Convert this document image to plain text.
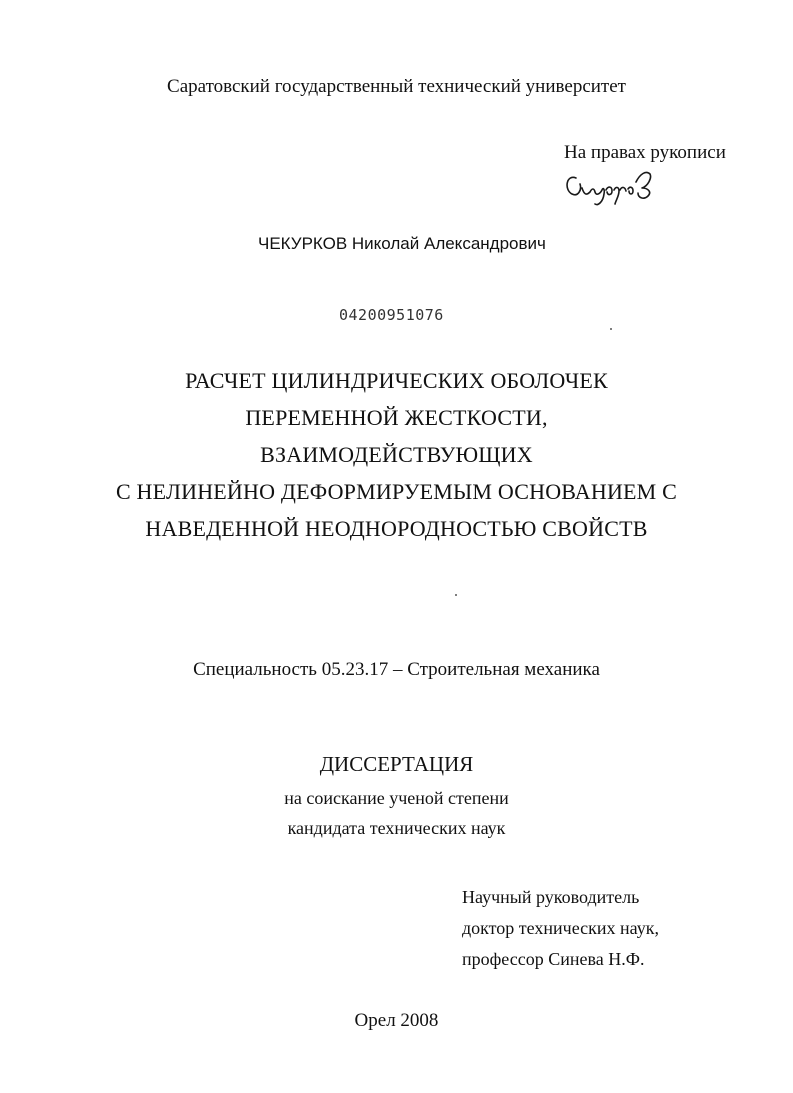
Саратовский государственный технический университет
На правах рукописи
ЧЕКУРКОВ Николай Александрович
04200951076
РАСЧЕТ ЦИЛИНДРИЧЕСКИХ ОБОЛОЧЕК
ПЕРЕМЕННОЙ ЖЕСТКОСТИ,
ВЗАИМОДЕЙСТВУЮЩИХ
С НЕЛИНЕЙНО ДЕФОРМИРУЕМЫМ ОСНОВАНИЕМ С
НАВЕДЕННОЙ НЕОДНОРОДНОСТЬЮ СВОЙСТВ
Специальность 05.23.17 – Строительная механика
ДИССЕРТАЦИЯ
на соискание ученой степени
кандидата технических наук
Научный руководитель
доктор технических наук,
профессор Синева Н.Ф.
Орел 2008
